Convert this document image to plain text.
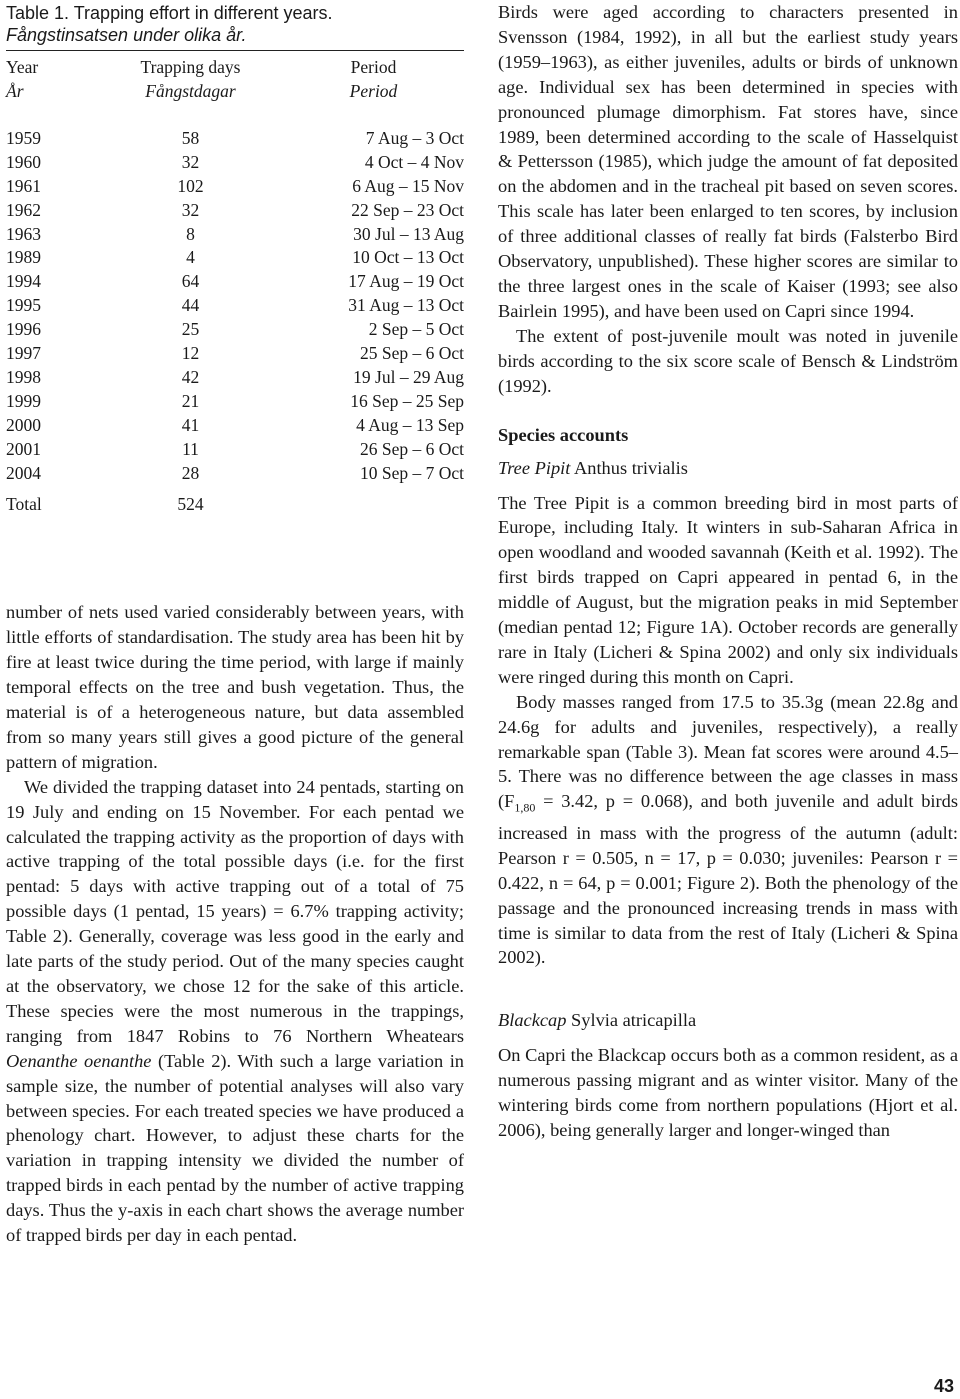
Table 1. Trapping effort in different years.
Fångstinsatsen under olika år.
Year	Trapping days	Period
År	Fångstdagar	Period

1959	58	7 Aug – 3 Oct
1960	32	4 Oct – 4 Nov
1961	102	6 Aug – 15 Nov
1962	32	22 Sep – 23 Oct
1963	8	30 Jul – 13 Aug
1989	4	10 Oct – 13 Oct
1994	64	17 Aug – 19 Oct
1995	44	31 Aug – 13 Oct
1996	25	2 Sep – 5 Oct
1997	12	25 Sep – 6 Oct
1998	42	19 Jul – 29 Aug
1999	21	16 Sep – 25 Sep
2000	41	4 Aug – 13 Sep
2001	11	26 Sep – 6 Oct
2004	28	10 Sep – 7 Oct
Total	524	

number of nets used varied considerably between years, with little efforts of standardisation. The study area has been hit by fire at least twice during the time period, with large if mainly temporal effects on the tree and bush vegetation. Thus, the material is of a heterogeneous nature, but data assembled from so many years still gives a good picture of the general pattern of migration.

We divided the trapping dataset into 24 pentads, starting on 19 July and ending on 15 November. For each pentad we calculated the trapping activity as the proportion of days with active trapping of the total possible days (i.e. for the first pentad: 5 days with active trapping out of a total of 75 possible days (1 pentad, 15 years) = 6.7% trapping activity; Table 2). Generally, coverage was less good in the early and late parts of the study period. Out of the many species caught at the observatory, we chose 12 for the sake of this article. These species were the most numerous in the trappings, ranging from 1847 Robins to 76 Northern Wheatears Oenanthe oenanthe (Table 2). With such a large variation in sample size, the number of potential analyses will also vary between species. For each treated species we have produced a phenology chart. However, to adjust these charts for the variation in trapping intensity we divided the number of trapped birds in each pentad by the number of active trapping days. Thus the y-axis in each chart shows the average number of trapped birds per day in each pentad.

Birds were aged according to characters presented in Svensson (1984, 1992), in all but the earliest study years (1959–1963), as either juveniles, adults or birds of unknown age. Individual sex has been determined in species with pronounced plumage dimorphism. Fat stores have, since 1989, been determined according to the scale of Hasselquist & Pettersson (1985), which judge the amount of fat deposited on the abdomen and in the tracheal pit based on seven scores. This scale has later been enlarged to ten scores, by inclusion of three additional classes of really fat birds (Falsterbo Bird Observatory, unpublished). These higher scores are similar to the three largest ones in the scale of Kaiser (1993; see also Bairlein 1995), and have been used on Capri since 1994.

The extent of post-juvenile moult was noted in juvenile birds according to the six score scale of Bensch & Lindström (1992).

Species accounts

Tree Pipit Anthus trivialis

The Tree Pipit is a common breeding bird in most parts of Europe, including Italy. It winters in sub-Saharan Africa in open woodland and wooded savannah (Keith et al. 1992). The first birds trapped on Capri appeared in pentad 6, in the middle of August, but the migration peaks in mid September (median pentad 12; Figure 1A). October records are generally rare in Italy (Licheri & Spina 2002) and only six individuals were ringed during this month on Capri.

Body masses ranged from 17.5 to 35.3g (mean 22.8g and 24.6g for adults and juveniles, respectively), a really remarkable span (Table 3). Mean fat scores were around 4.5–5. There was no difference between the age classes in mass ($F_{1,80} = 3.42$, p = 0.068), and both juvenile and adult birds increased in mass with the progress of the autumn (adult: Pearson r = 0.505, n = 17, p = 0.030; juveniles: Pearson r = 0.422, n = 64, p = 0.001; Figure 2). Both the phenology of the passage and the pronounced increasing trends in mass with time is similar to data from the rest of Italy (Licheri & Spina 2002).

Blackcap Sylvia atricapilla

On Capri the Blackcap occurs both as a common resident, as a numerous passing migrant and as winter visitor. Many of the wintering birds come from northern populations (Hjort et al. 2006), being generally larger and longer-winged than

43
